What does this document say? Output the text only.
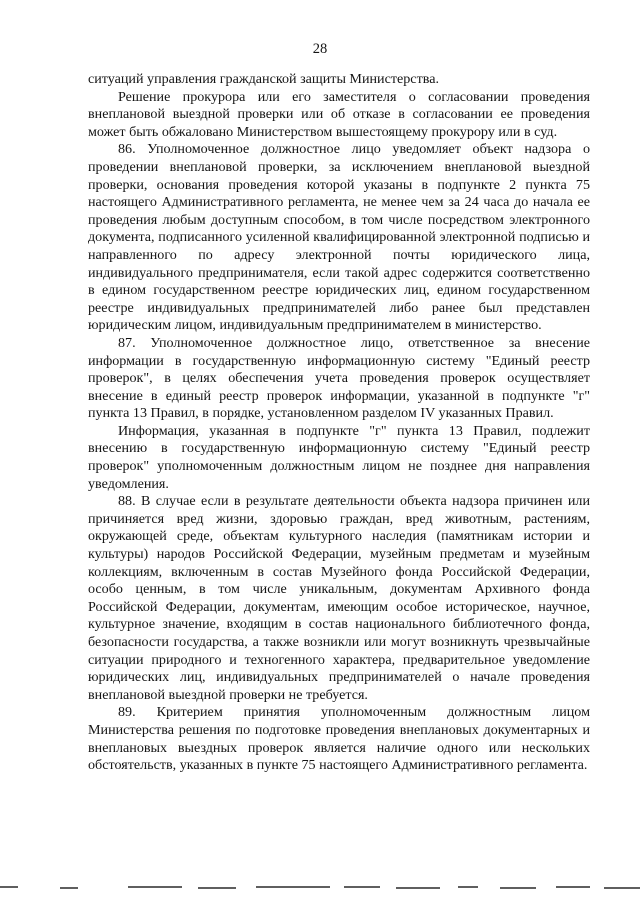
28

ситуаций управления гражданской защиты Министерства.

Решение прокурора или его заместителя о согласовании проведения внеплановой выездной проверки или об отказе в согласовании ее проведения может быть обжаловано Министерством вышестоящему прокурору или в суд.

86. Уполномоченное должностное лицо уведомляет объект надзора о проведении внеплановой проверки, за исключением внеплановой выездной проверки, основания проведения которой указаны в подпункте 2 пункта 75 настоящего Административного регламента, не менее чем за 24 часа до начала ее проведения любым доступным способом, в том числе посредством электронного документа, подписанного усиленной квалифицированной электронной подписью и направленного по адресу электронной почты юридического лица, индивидуального предпринимателя, если такой адрес содержится соответственно в едином государственном реестре юридических лиц, едином государственном реестре индивидуальных предпринимателей либо ранее был представлен юридическим лицом, индивидуальным предпринимателем в министерство.

87. Уполномоченное должностное лицо, ответственное за внесение информации в государственную информационную систему "Единый реестр проверок", в целях обеспечения учета проведения проверок осуществляет внесение в единый реестр проверок информации, указанной в подпункте "г" пункта 13 Правил, в порядке, установленном разделом IV указанных Правил.

Информация, указанная в подпункте "г" пункта 13 Правил, подлежит внесению в государственную информационную систему "Единый реестр проверок" уполномоченным должностным лицом не позднее дня направления уведомления.

88. В случае если в результате деятельности объекта надзора причинен или причиняется вред жизни, здоровью граждан, вред животным, растениям, окружающей среде, объектам культурного наследия (памятникам истории и культуры) народов Российской Федерации, музейным предметам и музейным коллекциям, включенным в состав Музейного фонда Российской Федерации, особо ценным, в том числе уникальным, документам Архивного фонда Российской Федерации, документам, имеющим особое историческое, научное, культурное значение, входящим в состав национального библиотечного фонда, безопасности государства, а также возникли или могут возникнуть чрезвычайные ситуации природного и техногенного характера, предварительное уведомление юридических лиц, индивидуальных предпринимателей о начале проведения внеплановой выездной проверки не требуется.

89. Критерием принятия уполномоченным должностным лицом Министерства решения по подготовке проведения внеплановых документарных и внеплановых выездных проверок является наличие одного или нескольких обстоятельств, указанных в пункте 75 настоящего Административного регламента.
